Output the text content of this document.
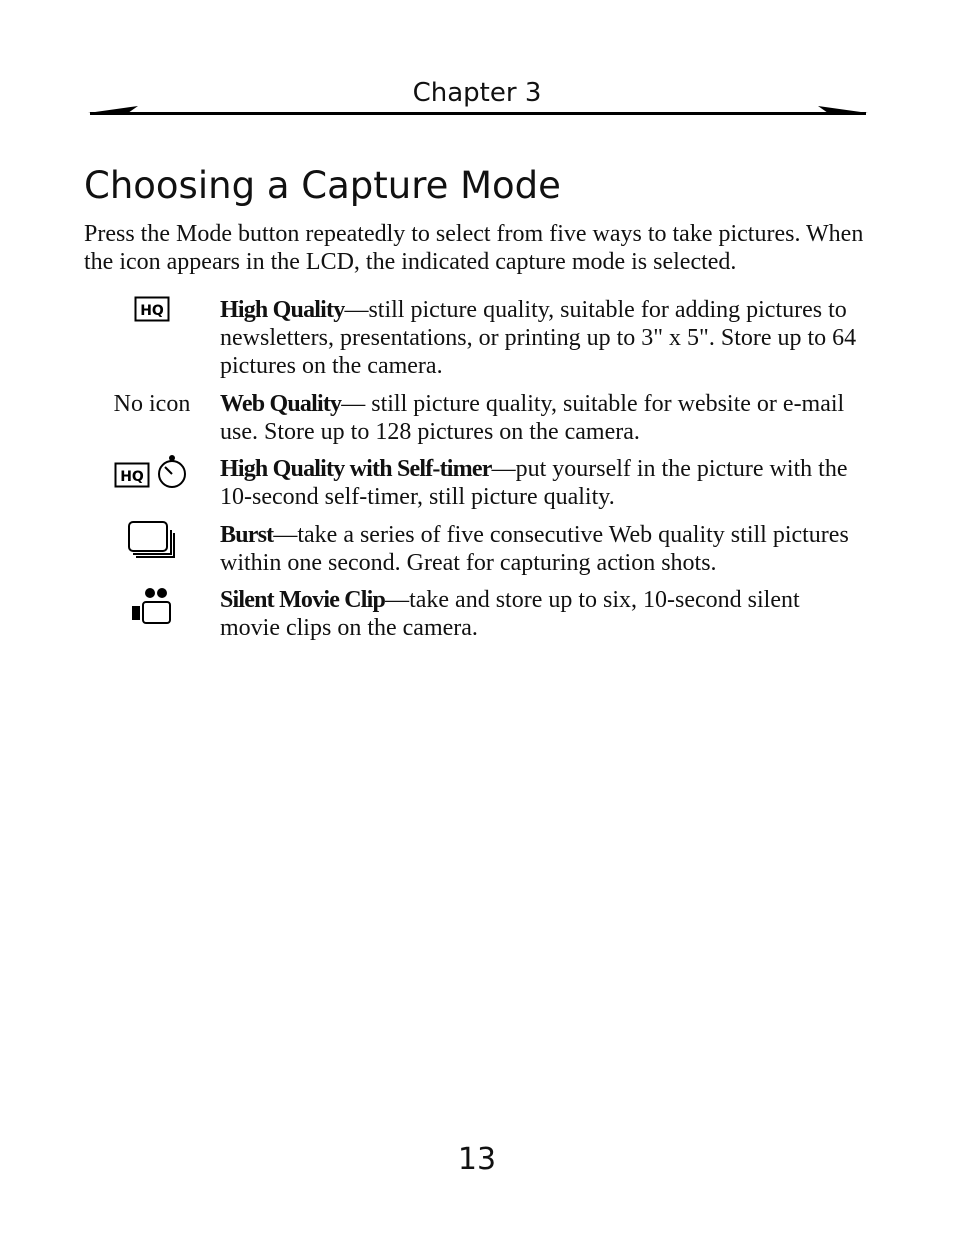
Chapter 3
Choosing a Capture Mode

Press the Mode button repeatedly to select from five ways to take pictures. When the icon appears in the LCD, the indicated capture mode is selected.

HQ High Quality—still picture quality, suitable for adding pictures to newsletters, presentations, or printing up to 3" x 5". Store up to 64 pictures on the camera.

No icon	Web Quality— still picture quality, suitable for website or e-mail use. Store up to 128 pictures on the camera.

HQ	High Quality with Self-timer—put yourself in the picture with the 10-second self-timer, still picture quality.

Burst—take a series of five consecutive Web quality still pictures within one second. Great for capturing action shots.

Silent Movie Clip—take and store up to six, 10-second silent movie clips on the camera.

13
